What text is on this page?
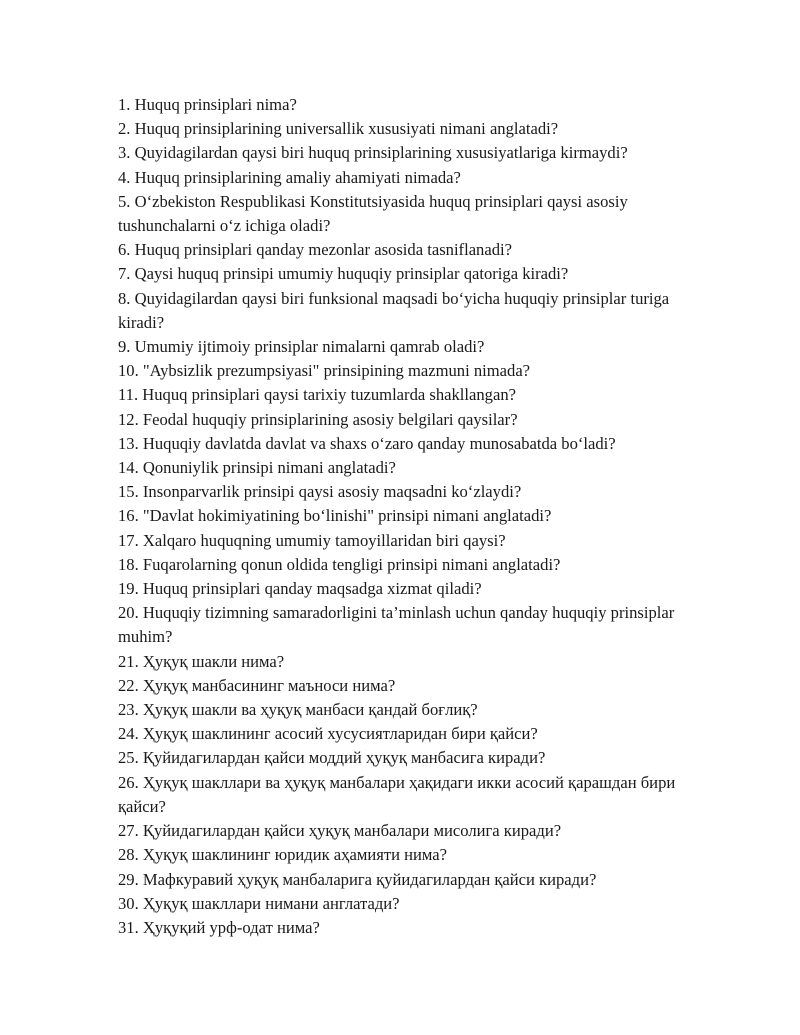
1. Huquq prinsiplari nima?

2. Huquq prinsiplarining universallik xususiyati nimani anglatadi?

3. Quyidagilardan qaysi biri huquq prinsiplarining xususiyatlariga kirmaydi?

4. Huquq prinsiplarining amaliy ahamiyati nimada?

5. O‘zbekiston Respublikasi Konstitutsiyasida huquq prinsiplari qaysi asosiy tushunchalarni o‘z ichiga oladi?

6. Huquq prinsiplari qanday mezonlar asosida tasniflanadi?

7. Qaysi huquq prinsipi umumiy huquqiy prinsiplar qatoriga kiradi?

8. Quyidagilardan qaysi biri funksional maqsadi bo‘yicha huquqiy prinsiplar turiga kiradi?

9. Umumiy ijtimoiy prinsiplar nimalarni qamrab oladi?

10. "Aybsizlik prezumpsiyasi" prinsipining mazmuni nimada?

11. Huquq prinsiplari qaysi tarixiy tuzumlarda shakllangan?

12. Feodal huquqiy prinsiplarining asosiy belgilari qaysilar?

13. Huquqiy davlatda davlat va shaxs o‘zaro qanday munosabatda bo‘ladi?

14. Qonuniylik prinsipi nimani anglatadi?

15. Insonparvarlik prinsipi qaysi asosiy maqsadni ko‘zlaydi?

16. "Davlat hokimiyatining bo‘linishi" prinsipi nimani anglatadi?

17. Xalqaro huquqning umumiy tamoyillaridan biri qaysi?

18. Fuqarolarning qonun oldida tengligi prinsipi nimani anglatadi?

19. Huquq prinsiplari qanday maqsadga xizmat qiladi?

20. Huquqiy tizimning samaradorligini ta’minlash uchun qanday huquqiy prinsiplar muhim?

21. Ҳуқуқ шакли нима?

22. Ҳуқуқ манбасининг маъноси нима?

23. Ҳуқуқ шакли ва ҳуқуқ манбаси қандай боғлиқ?

24. Ҳуқуқ шаклининг асосий хусусиятларидан бири қайси?

25. Қуйидагилардан қайси моддий ҳуқуқ манбасига киради?

26. Ҳуқуқ шакллари ва ҳуқуқ манбалари ҳақидаги икки асосий қарашдан бири қайси?

27. Қуйидагилардан қайси ҳуқуқ манбалари мисолига киради?

28. Ҳуқуқ шаклининг юридик аҳамияти нима?

29. Мафкуравий ҳуқуқ манбаларига қуйидагилардан қайси киради?

30. Ҳуқуқ шакллари нимани англатади?

31. Ҳуқуқий урф-одат нима?
